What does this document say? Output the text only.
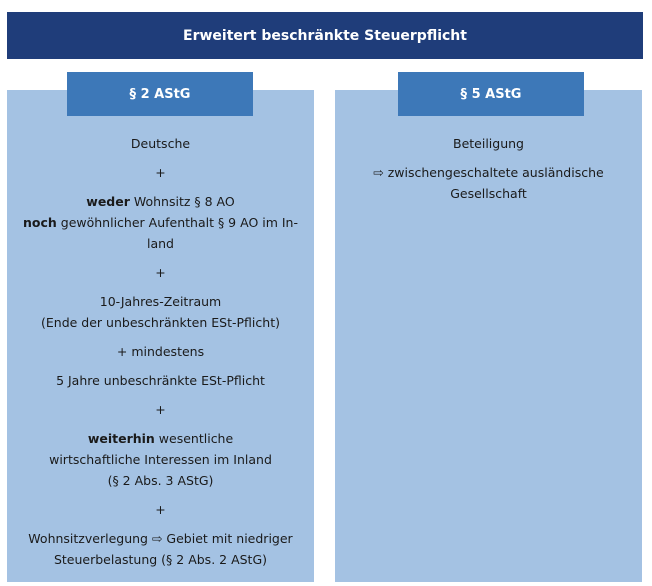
Erweitert beschränkte Steuerpflicht
§ 2 AStG	§ 5 AStG
Deutsche
+
weder Wohnsitz § 8 AO
noch gewöhnlicher Aufenthalt § 9 AO im In-
land
+
10-Jahres-Zeitraum
(Ende der unbeschränkten ESt-Pflicht)
+ mindestens
5 Jahre unbeschränkte ESt-Pflicht
+
weiterhin wesentliche
wirtschaftliche Interessen im Inland
(§ 2 Abs. 3 AStG)
+
Wohnsitzverlegung ⇨ Gebiet mit niedriger
Steuerbelastung (§ 2 Abs. 2 AStG)
Beteiligung
⇨ zwischengeschaltete ausländische
Gesellschaft
